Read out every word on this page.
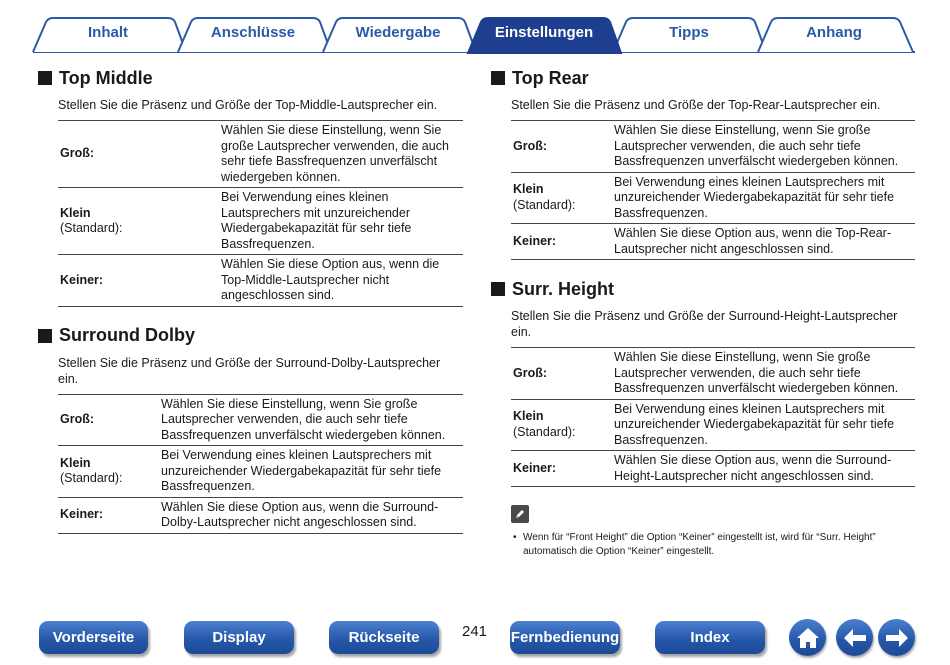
Inhalt	Anschlüsse	Wiedergabe	Einstellungen	Tipps	Anhang
Top Middle

Stellen Sie die Präsenz und Größe der Top-Middle-Lautsprecher ein.

Groß:	Wählen Sie diese Einstellung, wenn Sie große Lautsprecher verwenden, die auch sehr tiefe Bassfrequenzen unverfälscht wiedergeben können.
Klein
(Standard):	Bei Verwendung eines kleinen Lautsprechers mit unzureichender Wiedergabekapazität für sehr tiefe Bassfrequenzen.
Keiner:	Wählen Sie diese Option aus, wenn die Top-Middle-Lautsprecher nicht angeschlossen sind.
Surround Dolby

Stellen Sie die Präsenz und Größe der Surround-Dolby-Lautsprecher ein.

Groß:	Wählen Sie diese Einstellung, wenn Sie große Lautsprecher verwenden, die auch sehr tiefe Bassfrequenzen unverfälscht wiedergeben können.
Klein
(Standard):	Bei Verwendung eines kleinen Lautsprechers mit unzureichender Wiedergabekapazität für sehr tiefe Bassfrequenzen.
Keiner:	Wählen Sie diese Option aus, wenn die Surround-Dolby-Lautsprecher nicht angeschlossen sind.
Top Rear

Stellen Sie die Präsenz und Größe der Top-Rear-Lautsprecher ein.

Groß:	Wählen Sie diese Einstellung, wenn Sie große Lautsprecher verwenden, die auch sehr tiefe Bassfrequenzen unverfälscht wiedergeben können.
Klein
(Standard):	Bei Verwendung eines kleinen Lautsprechers mit unzureichender Wiedergabekapazität für sehr tiefe Bassfrequenzen.
Keiner:	Wählen Sie diese Option aus, wenn die Top-Rear-Lautsprecher nicht angeschlossen sind.
Surr. Height

Stellen Sie die Präsenz und Größe der Surround-Height-Lautsprecher ein.

Groß:	Wählen Sie diese Einstellung, wenn Sie große Lautsprecher verwenden, die auch sehr tiefe Bassfrequenzen unverfälscht wiedergeben können.
Klein
(Standard):	Bei Verwendung eines kleinen Lautsprechers mit unzureichender Wiedergabekapazität für sehr tiefe Bassfrequenzen.
Keiner:	Wählen Sie diese Option aus, wenn die Surround-Height-Lautsprecher nicht angeschlossen sind.

• Wenn für “Front Height” die Option “Keiner” eingestellt ist, wird für “Surr. Height” automatisch die Option “Keiner” eingestellt.

Vorderseite	Display	Rückseite	241 Fernbedienung	Index
